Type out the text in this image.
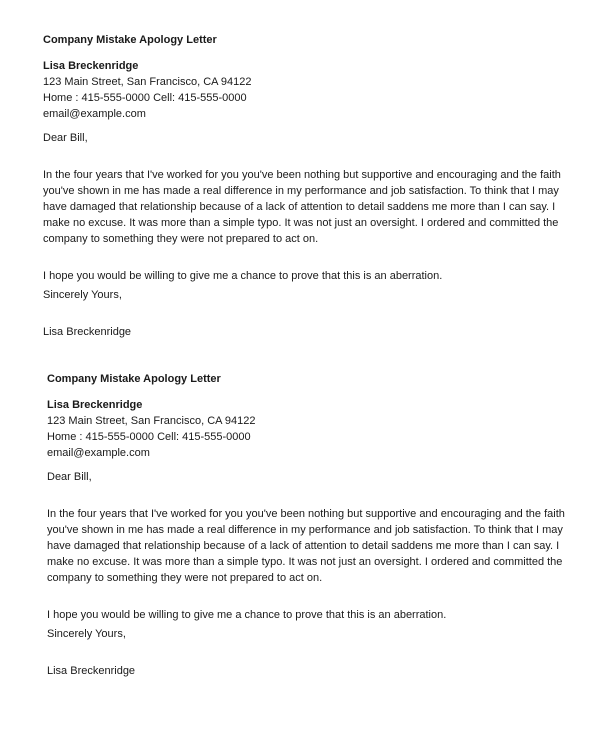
Company Mistake Apology Letter
Lisa Breckenridge
123 Main Street, San Francisco, CA 94122
Home : 415-555-0000 Cell: 415-555-0000
email@example.com
Dear Bill,
In the four years that I've worked for you you've been nothing but supportive and encouraging and the faith
you've shown in me has made a real difference in my performance and job satisfaction. To think that I may
have damaged that relationship because of a lack of attention to detail saddens me more than I can say. I
make no excuse. It was more than a simple typo. It was not just an oversight. I ordered and committed the
company to something they were not prepared to act on.
I hope you would be willing to give me a chance to prove that this is an aberration.
Sincerely Yours,
Lisa Breckenridge
Company Mistake Apology Letter
Lisa Breckenridge
123 Main Street, San Francisco, CA 94122
Home : 415-555-0000 Cell: 415-555-0000
email@example.com
Dear Bill,
In the four years that I've worked for you you've been nothing but supportive and encouraging and the faith
you've shown in me has made a real difference in my performance and job satisfaction. To think that I may
have damaged that relationship because of a lack of attention to detail saddens me more than I can say. I
make no excuse. It was more than a simple typo. It was not just an oversight. I ordered and committed the
company to something they were not prepared to act on.
I hope you would be willing to give me a chance to prove that this is an aberration.
Sincerely Yours,
Lisa Breckenridge
